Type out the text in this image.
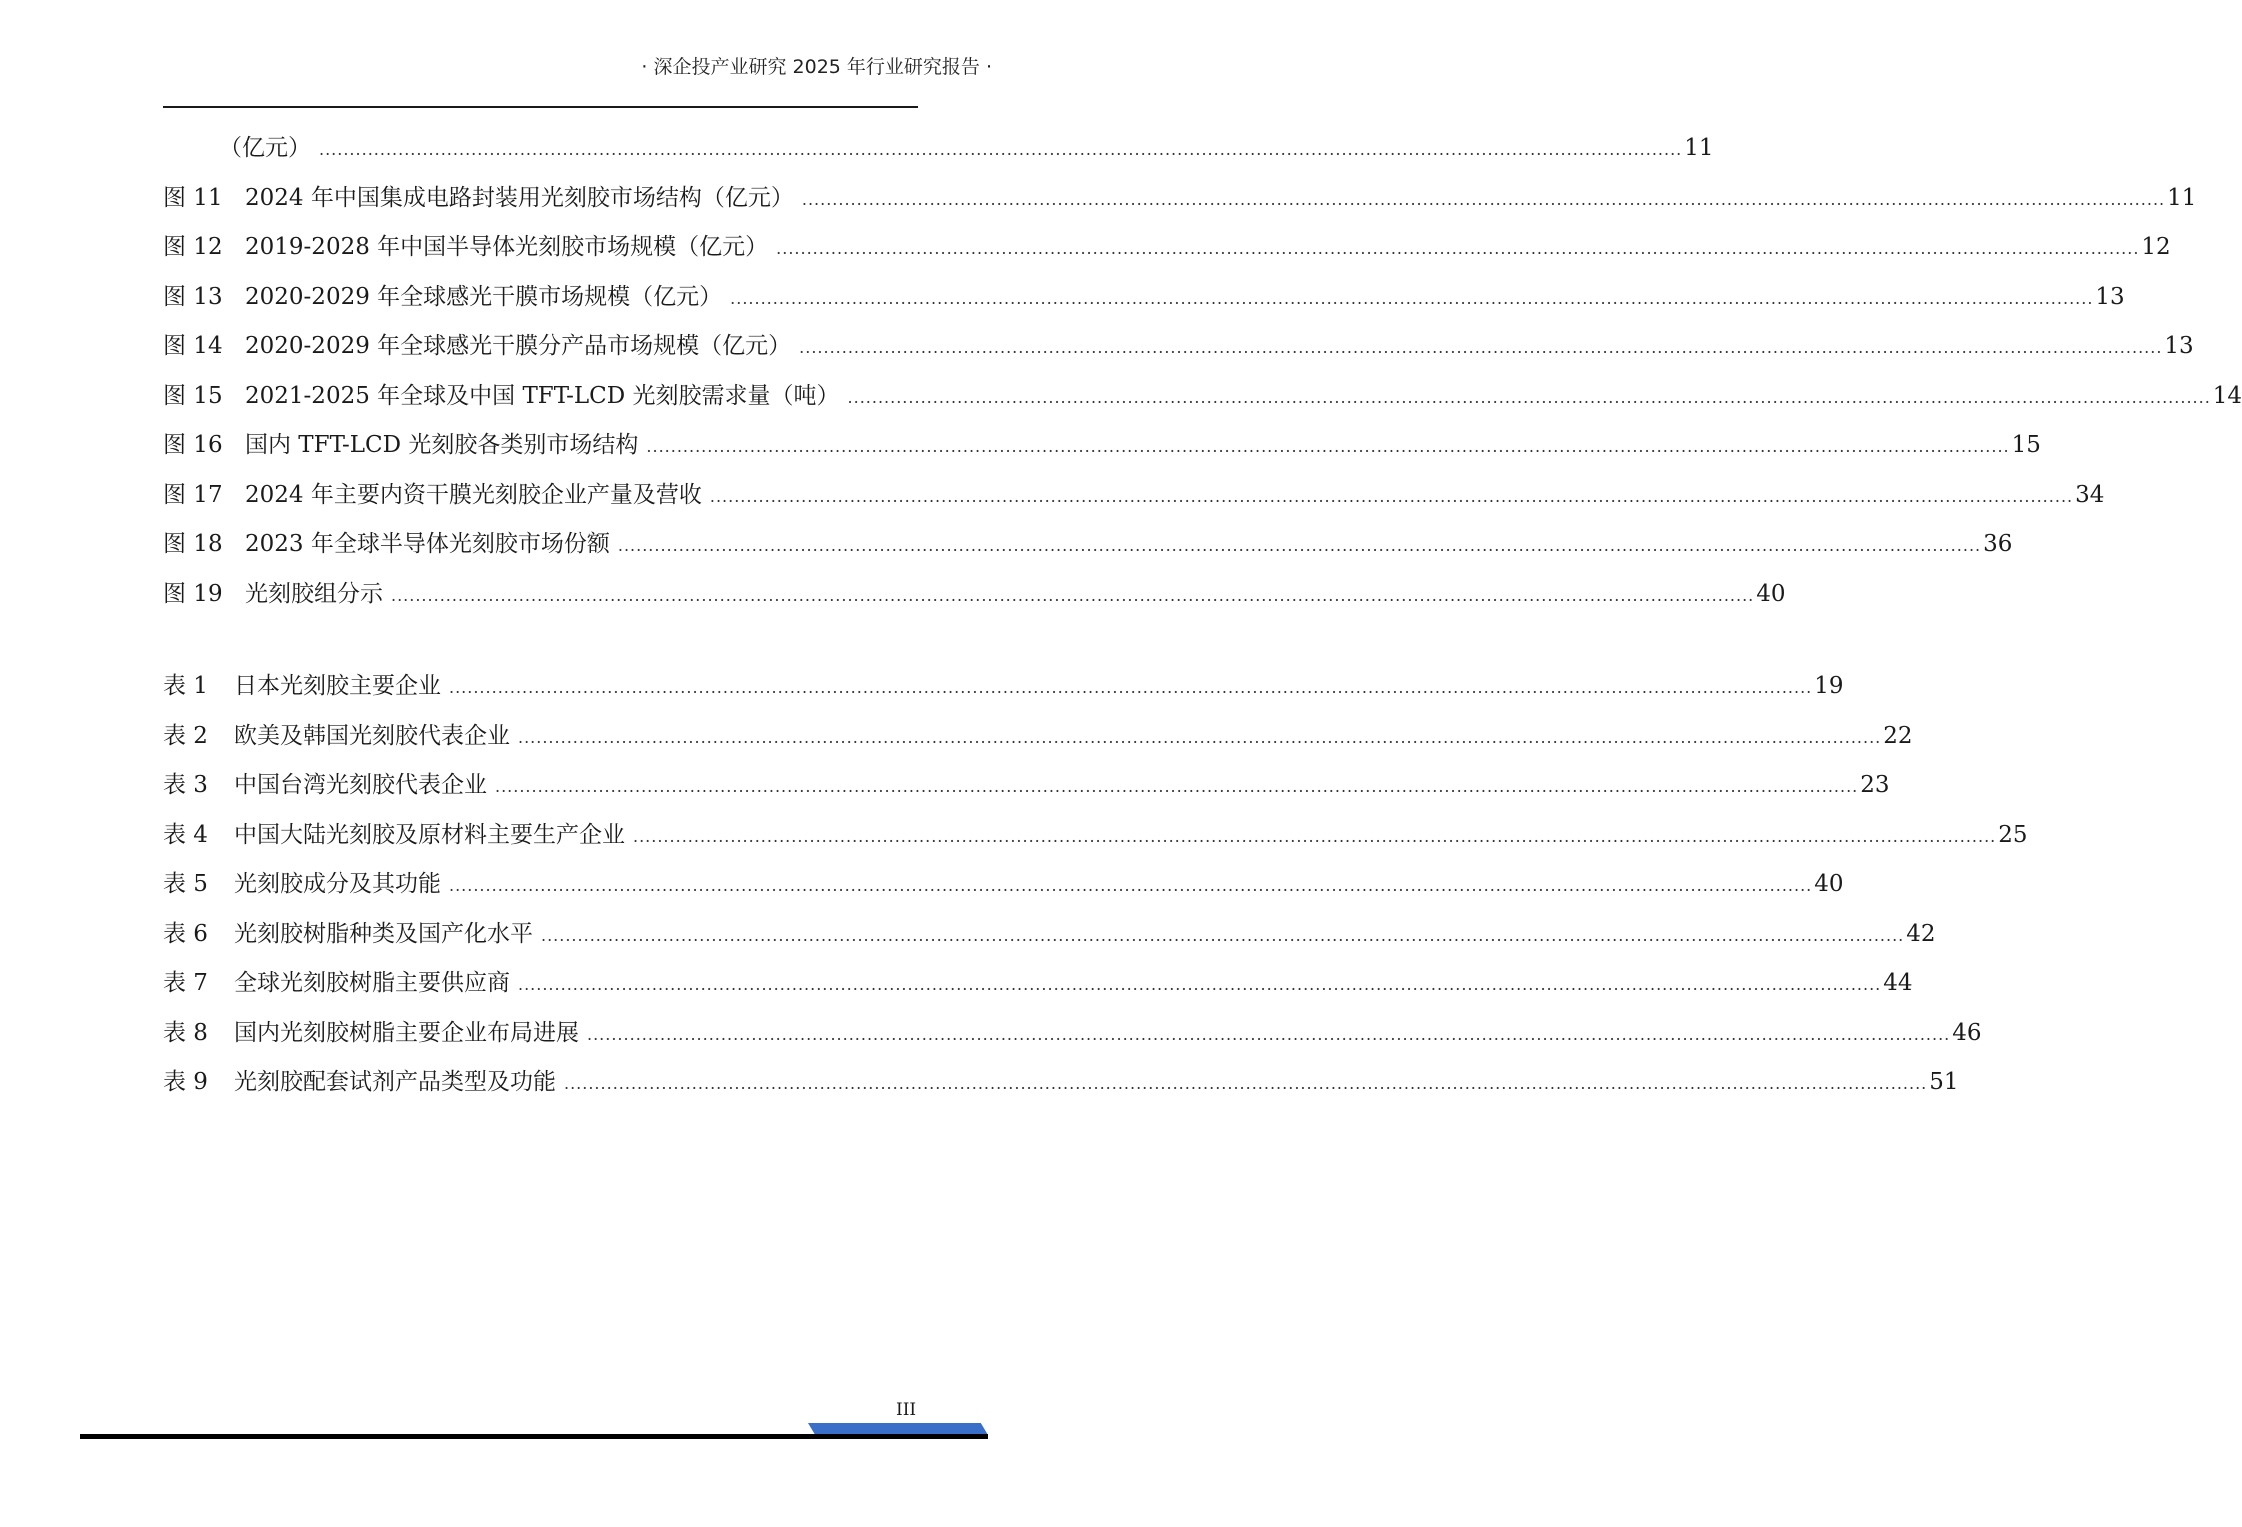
· 深企投产业研究 2025 年行业研究报告 ·
（亿元） .....	11
图 11 2024 年中国集成电路封装用光刻胶市场结构（亿元） .....	11
图 12 2019-2028 年中国半导体光刻胶市场规模（亿元） .....	12
图 13 2020-2029 年全球感光干膜市场规模（亿元） .....	13
图 14 2020-2029 年全球感光干膜分产品市场规模（亿元） .....	13
图 15 2021-2025 年全球及中国 TFT-LCD 光刻胶需求量（吨） .....	14
图 16 国内 TFT-LCD 光刻胶各类别市场结构 .....	15
图 17 2024 年主要内资干膜光刻胶企业产量及营收 .....	34
图 18 2023 年全球半导体光刻胶市场份额 .....	36
图 19 光刻胶组分示 .....	40
表 1	日本光刻胶主要企业 .....	19
表 2	欧美及韩国光刻胶代表企业 .....	22
表 3	中国台湾光刻胶代表企业 .....	23
表 4	中国大陆光刻胶及原材料主要生产企业 .....	25
表 5	光刻胶成分及其功能 .....	40
表 6	光刻胶树脂种类及国产化水平 .....	42
表 7	全球光刻胶树脂主要供应商 .....	44
表 8	国内光刻胶树脂主要企业布局进展 .....	46
表 9	光刻胶配套试剂产品类型及功能 .....	51
III
